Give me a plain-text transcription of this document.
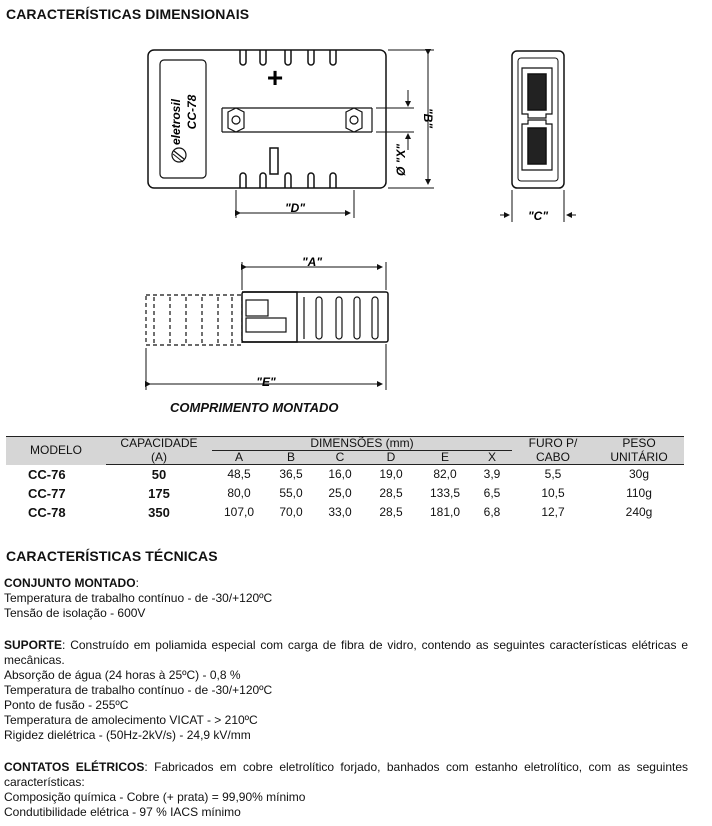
CARACTERÍSTICAS DIMENSIONAIS
+
eletrosil CC-78
"D"
"B"
Ø "X"
"C"
"A"
"E"
COMPRIMENTO MONTADO
MODELO	CAPACIDADE	DIMENSÕES (mm)						FURO P/	PESO
	(A)	A	B	C	D	E	X	CABO	UNITÁRIO
CC-76	50	48,5	36,5	16,0	19,0	82,0	3,9	5,5	30g
CC-77	175	80,0	55,0	25,0	28,5	133,5	6,5	10,5	110g
CC-78	350	107,0	70,0	33,0	28,5	181,0	6,8	12,7	240g
CARACTERÍSTICAS TÉCNICAS
CONJUNTO MONTADO:
Temperatura de trabalho contínuo - de -30/+120ºC
Tensão de isolação - 600V
SUPORTE: Construído em poliamida especial com carga de fibra de vidro, contendo as seguintes características elétricas e mecânicas.
Absorção de água (24 horas à 25ºC) - 0,8 %
Temperatura de trabalho contínuo - de -30/+120ºC
Ponto de fusão - 255ºC
Temperatura de amolecimento VICAT - > 210ºC
Rigidez dielétrica - (50Hz-2kV/s) - 24,9 kV/mm
CONTATOS ELÉTRICOS: Fabricados em cobre eletrolítico forjado, banhados com estanho eletrolítico, com as seguintes características:
Composição química - Cobre (+ prata) = 99,90% mínimo
Condutibilidade elétrica - 97 % IACS mínimo
